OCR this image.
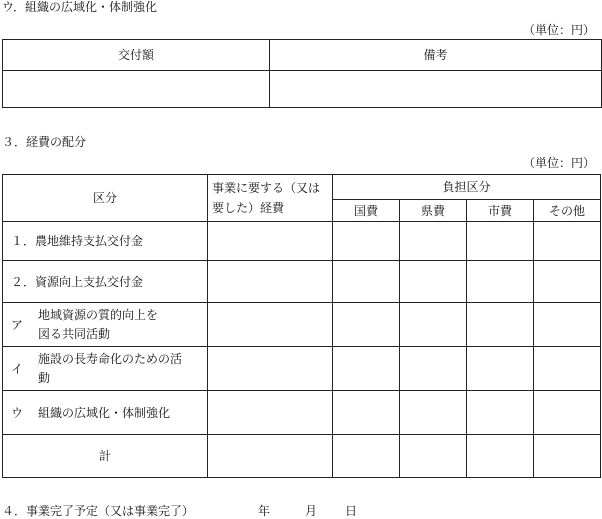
ウ．組織の広域化・体制強化
（単位：円）
交付額	備考

３．経費の配分
（単位：円）
区分	事業に要する（又は要した）経費	負担区分			
		国費	県費	市費	その他
１．農地維持支払交付金					
２．資源向上支払交付金					

ア
地域資源の質的向上を
図る共同活動					

イ
施設の長寿命化のための活
動					

ウ 組織の広域化・体制強化					

計					
４．事業完了予定（又は事業完了）	年	月 日
